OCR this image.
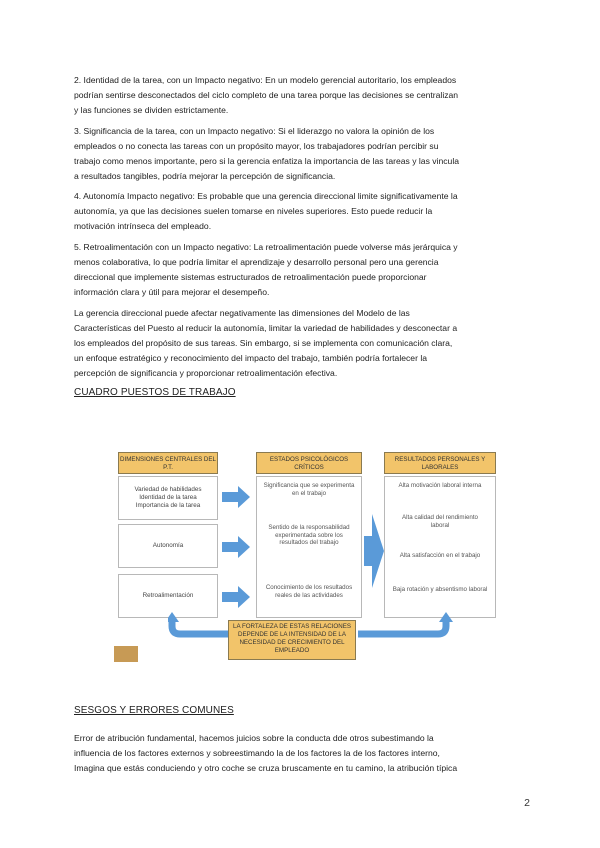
2. Identidad de la tarea, con un Impacto negativo: En un modelo gerencial autoritario, los empleados
podrían sentirse desconectados del ciclo completo de una tarea porque las decisiones se centralizan
y las funciones se dividen estrictamente.
3. Significancia de la tarea, con un Impacto negativo: Si el liderazgo no valora la opinión de los
empleados o no conecta las tareas con un propósito mayor, los trabajadores podrían percibir su
trabajo como menos importante, pero si la gerencia enfatiza la importancia de las tareas y las vincula
a resultados tangibles, podría mejorar la percepción de significancia.
4. Autonomía Impacto negativo: Es probable que una gerencia direccional limite significativamente la
autonomía, ya que las decisiones suelen tomarse en niveles superiores. Esto puede reducir la
motivación intrínseca del empleado.
5. Retroalimentación con un Impacto negativo: La retroalimentación puede volverse más jerárquica y
menos colaborativa, lo que podría limitar el aprendizaje y desarrollo personal pero una gerencia
direccional que implemente sistemas estructurados de retroalimentación puede proporcionar
información clara y útil para mejorar el desempeño.
La gerencia direccional puede afectar negativamente las dimensiones del Modelo de las
Características del Puesto al reducir la autonomía, limitar la variedad de habilidades y desconectar a
los empleados del propósito de sus tareas. Sin embargo, si se implementa con comunicación clara,
un enfoque estratégico y reconocimiento del impacto del trabajo, también podría fortalecer la
percepción de significancia y proporcionar retroalimentación efectiva.
CUADRO PUESTOS DE TRABAJO
DIMENSIONES CENTRALES DEL P.T.
ESTADOS PSICOLÓGICOS CRÍTICOS
RESULTADOS PERSONALES Y LABORALES
Variedad de habilidades Identidad de la tarea Importancia de la tarea
Autonomía
Retroalimentación
Significancia que se experimenta en el trabajo
Sentido de la responsabilidad experimentada sobre los resultados del trabajo
Conocimiento de los resultados reales de las actividades
Alta motivación laboral interna
Alta calidad del rendimiento laboral
Alta satisfacción en el trabajo
Baja rotación y absentismo laboral
LA FORTALEZA DE ESTAS RELACIONES DEPENDE DE LA INTENSIDAD DE LA NECESIDAD DE CRECIMIENTO DEL EMPLEADO
SESGOS Y ERRORES COMUNES
Error de atribución fundamental, hacemos juicios sobre la conducta dde otros subestimando la
influencia de los factores externos y sobreestimando la de los factores la de los factores interno,
Imagina que estás conduciendo y otro coche se cruza bruscamente en tu camino, la atribución típica
2
